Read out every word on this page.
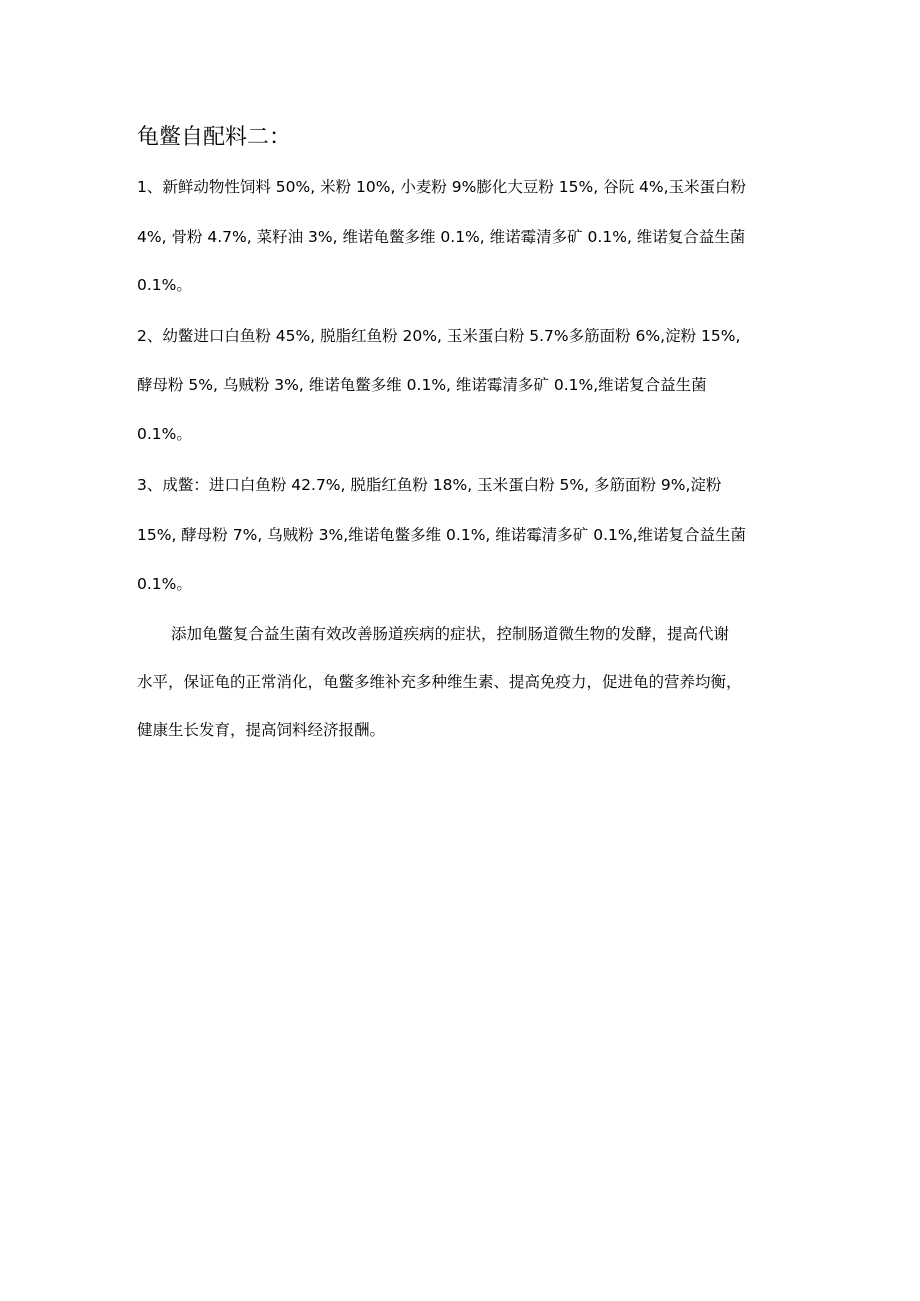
龟鳖自配料二：
1、新鲜动物性饲料 50%, 米粉 10%, 小麦粉 9%膨化大豆粉 15%, 谷阮 4%,玉米蛋白粉
4%, 骨粉 4.7%, 菜籽油 3%, 维诺龟鳖多维 0.1%, 维诺霉清多矿 0.1%, 维诺复合益生菌
0.1%。
2、幼鳖进口白鱼粉 45%, 脱脂红鱼粉 20%, 玉米蛋白粉 5.7%多筋面粉 6%,淀粉 15%,
酵母粉 5%, 乌贼粉 3%, 维诺龟鳖多维 0.1%, 维诺霉清多矿 0.1%,维诺复合益生菌
0.1%。
3、成鳖：进口白鱼粉 42.7%, 脱脂红鱼粉 18%, 玉米蛋白粉 5%, 多筋面粉 9%,淀粉
15%, 酵母粉 7%, 乌贼粉 3%,维诺龟鳖多维 0.1%, 维诺霉清多矿 0.1%,维诺复合益生菌
0.1%。
添加龟鳖复合益生菌有效改善肠道疾病的症状，控制肠道微生物的发酵，提高代谢
水平，保证龟的正常消化，龟鳖多维补充多种维生素、提高免疫力，促进龟的营养均衡，
健康生长发育，提高饲料经济报酬。
